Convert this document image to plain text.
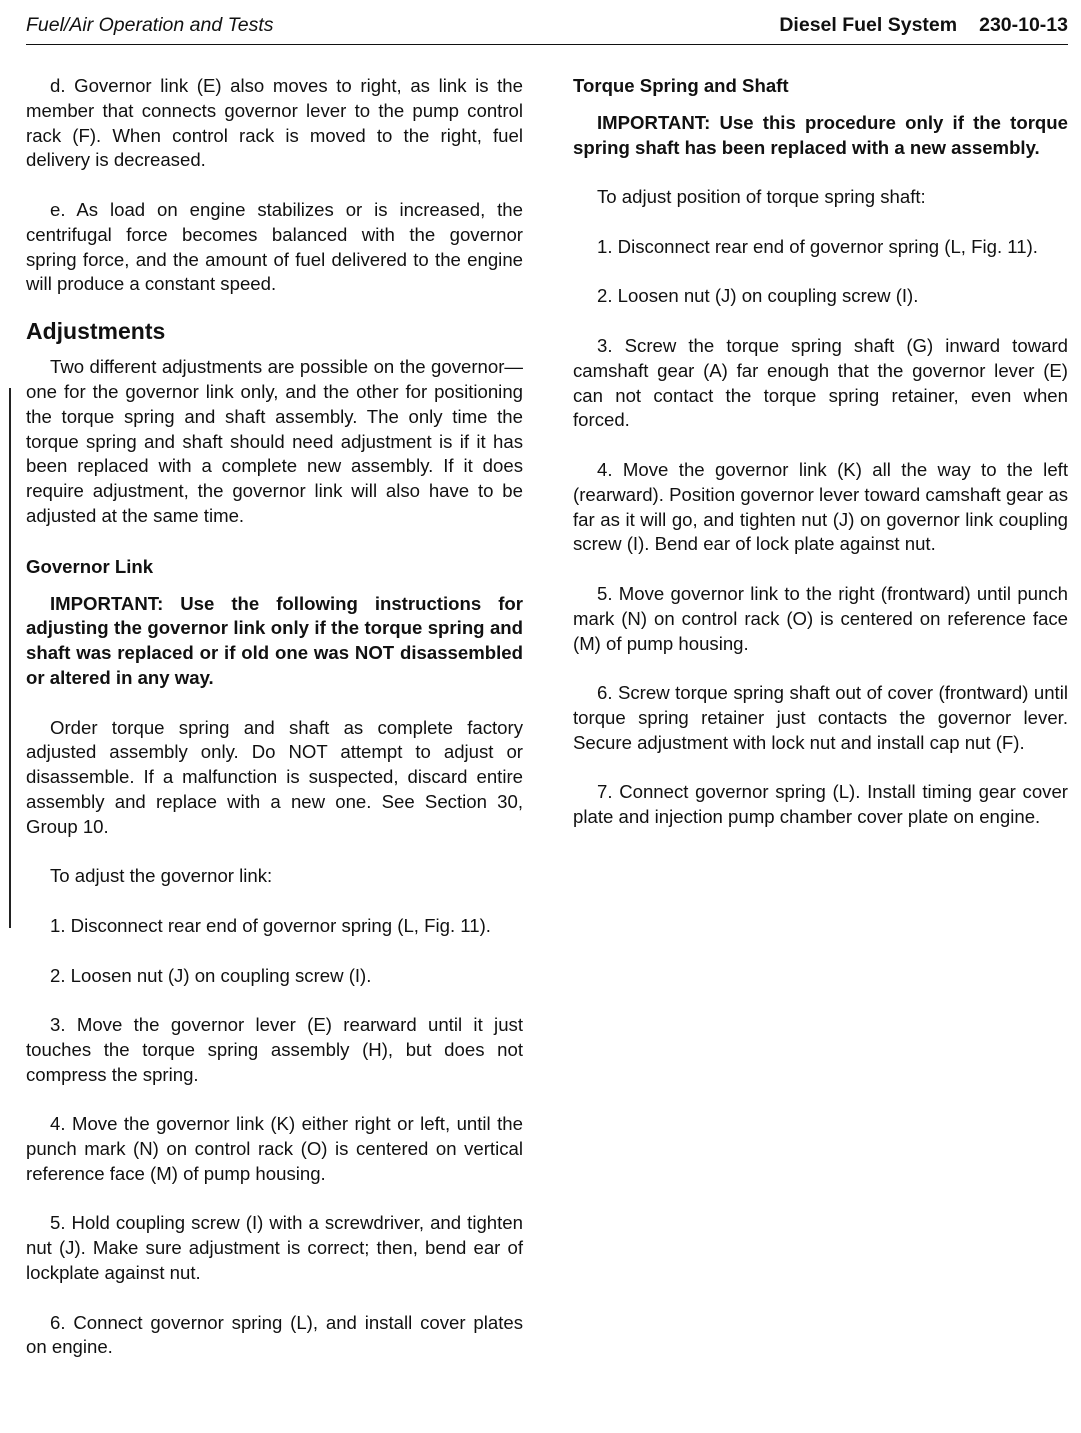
Fuel/Air Operation and Tests	Diesel Fuel System 230-10-13

d. Governor link (E) also moves to right, as link is the member that connects governor lever to the pump control rack (F). When control rack is moved to the right, fuel delivery is decreased.

e. As load on engine stabilizes or is increased, the centrifugal force becomes balanced with the governor spring force, and the amount of fuel delivered to the engine will produce a constant speed.

Adjustments

Two different adjustments are possible on the governor—one for the governor link only, and the other for positioning the torque spring and shaft assembly. The only time the torque spring and shaft should need adjustment is if it has been replaced with a complete new assembly. If it does require adjustment, the governor link will also have to be adjusted at the same time.

Governor Link

IMPORTANT: Use the following instructions for adjusting the governor link only if the torque spring and shaft was replaced or if old one was NOT disassembled or altered in any way.

Order torque spring and shaft as complete factory adjusted assembly only. Do NOT attempt to adjust or disassemble. If a malfunction is suspected, discard entire assembly and replace with a new one. See Section 30, Group 10.

To adjust the governor link:

1. Disconnect rear end of governor spring (L, Fig. 11).

2. Loosen nut (J) on coupling screw (I).

3. Move the governor lever (E) rearward until it just touches the torque spring assembly (H), but does not compress the spring.

4. Move the governor link (K) either right or left, until the punch mark (N) on control rack (O) is centered on vertical reference face (M) of pump housing.

5. Hold coupling screw (I) with a screwdriver, and tighten nut (J). Make sure adjustment is correct; then, bend ear of lockplate against nut.

6. Connect governor spring (L), and install cover plates on engine.

Torque Spring and Shaft

IMPORTANT: Use this procedure only if the torque spring shaft has been replaced with a new assembly.

To adjust position of torque spring shaft:

1. Disconnect rear end of governor spring (L, Fig. 11).

2. Loosen nut (J) on coupling screw (I).

3. Screw the torque spring shaft (G) inward toward camshaft gear (A) far enough that the governor lever (E) can not contact the torque spring retainer, even when forced.

4. Move the governor link (K) all the way to the left (rearward). Position governor lever toward camshaft gear as far as it will go, and tighten nut (J) on governor link coupling screw (I). Bend ear of lock plate against nut.

5. Move governor link to the right (frontward) until punch mark (N) on control rack (O) is centered on reference face (M) of pump housing.

6. Screw torque spring shaft out of cover (frontward) until torque spring retainer just contacts the governor lever. Secure adjustment with lock nut and install cap nut (F).

7. Connect governor spring (L). Install timing gear cover plate and injection pump chamber cover plate on engine.
